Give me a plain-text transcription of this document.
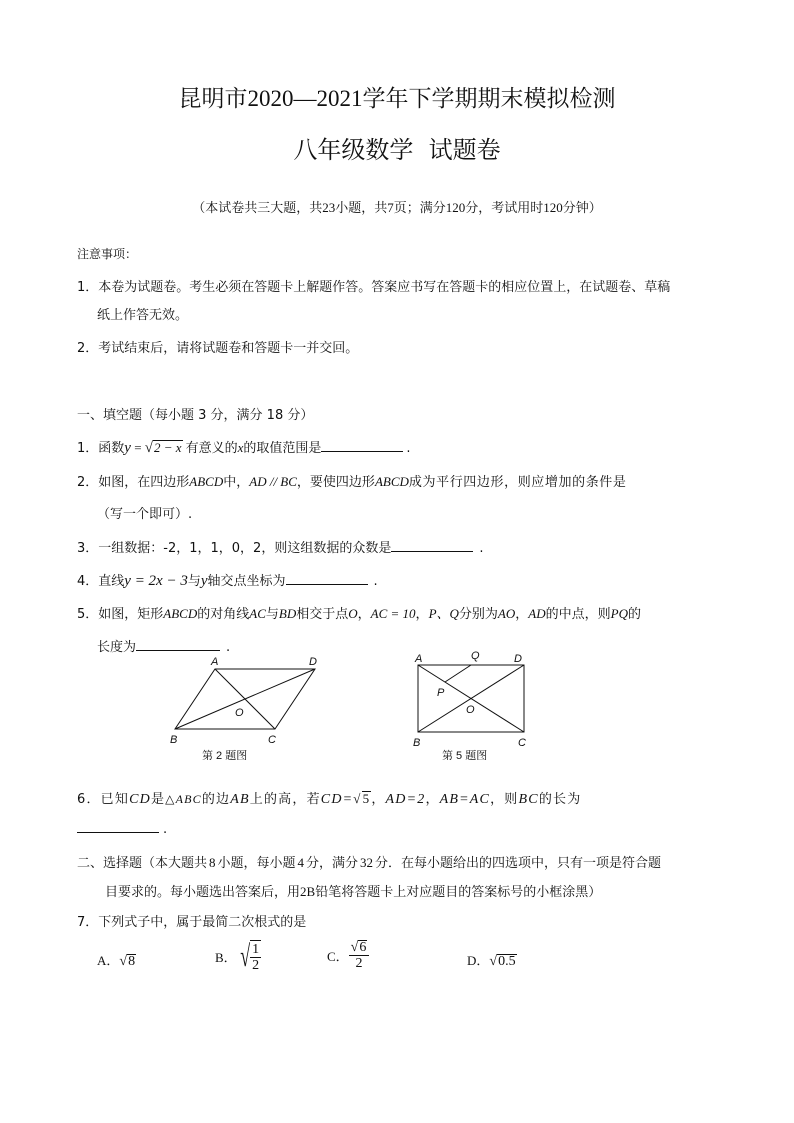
昆明市2020—2021学年下学期期末模拟检测
八年级数学  试题卷
（本试卷共三大题，共23小题，共7页；满分120分，考试用时120分钟）
注意事项：
1．本卷为试题卷。考生必须在答题卡上解题作答。答案应书写在答题卡的相应位置上，在试题卷、草稿
纸上作答无效。
2．考试结束后，请将试题卷和答题卡一并交回。
一、填空题（每小题 3 分，满分 18 分）
1．函数y = √2 − x 有意义的x的取值范围是	.
2．如图，在四边形ABCD中，AD // BC，要使四边形ABCD成为平行四边形，则应增加的条件是
（写一个即可）.
3．一组数据：-2，1，1，0，2，则这组数据的众数是	.
4．直线y = 2x − 3与y轴交点坐标为	.
5．如图，矩形ABCD的对角线AC与BD相交于点O，AC = 10，P、Q分别为AO，AD的中点，则PQ的
长度为	.
A	D
B	C
O
第 2 题图
A	Q	D
P
O
B	C
第 5 题图
6．已知CD是△ABC的边AB上的高，若CD=√5，AD=2，AB=AC，则BC的长为
.
二、选择题（本大题共 8 小题，每小题 4 分，满分 32 分．在每小题给出的四选项中，只有一项是符合题
目要求的。每小题选出答案后，用2B铅笔将答题卡上对应题目的答案标号的小框涂黑）
7．下列式子中，属于最简二次根式的是
A．√8	B． √ $\frac{1}{2}$	C． $\frac{√6}{2}$	D．√0.5
